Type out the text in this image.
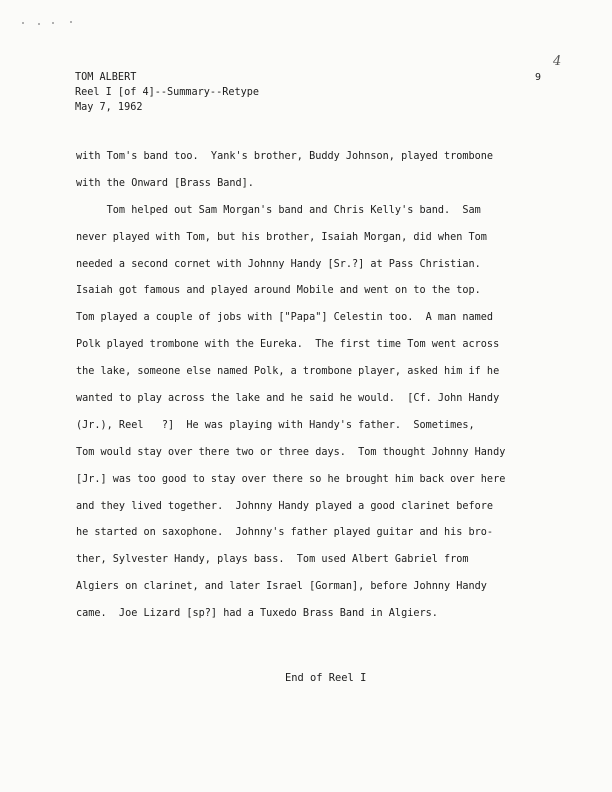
TOM ALBERT
Reel I [of 4]--Summary--Retype
May 7, 1962
4
9
with Tom's band too.  Yank's brother, Buddy Johnson, played trombone
with the Onward [Brass Band].
Tom helped out Sam Morgan's band and Chris Kelly's band.  Sam
never played with Tom, but his brother, Isaiah Morgan, did when Tom
needed a second cornet with Johnny Handy [Sr.?] at Pass Christian.
Isaiah got famous and played around Mobile and went on to the top.
Tom played a couple of jobs with ["Papa"] Celestin too.  A man named
Polk played trombone with the Eureka.  The first time Tom went across
the lake, someone else named Polk, a trombone player, asked him if he
wanted to play across the lake and he said he would.  [Cf. John Handy
(Jr.), Reel   ?]  He was playing with Handy's father.  Sometimes,
Tom would stay over there two or three days.  Tom thought Johnny Handy
[Jr.] was too good to stay over there so he brought him back over here
and they lived together.  Johnny Handy played a good clarinet before
he started on saxophone.  Johnny's father played guitar and his bro-
ther, Sylvester Handy, plays bass.  Tom used Albert Gabriel from
Algiers on clarinet, and later Israel [Gorman], before Johnny Handy
came.  Joe Lizard [sp?] had a Tuxedo Brass Band in Algiers.
End of Reel I
